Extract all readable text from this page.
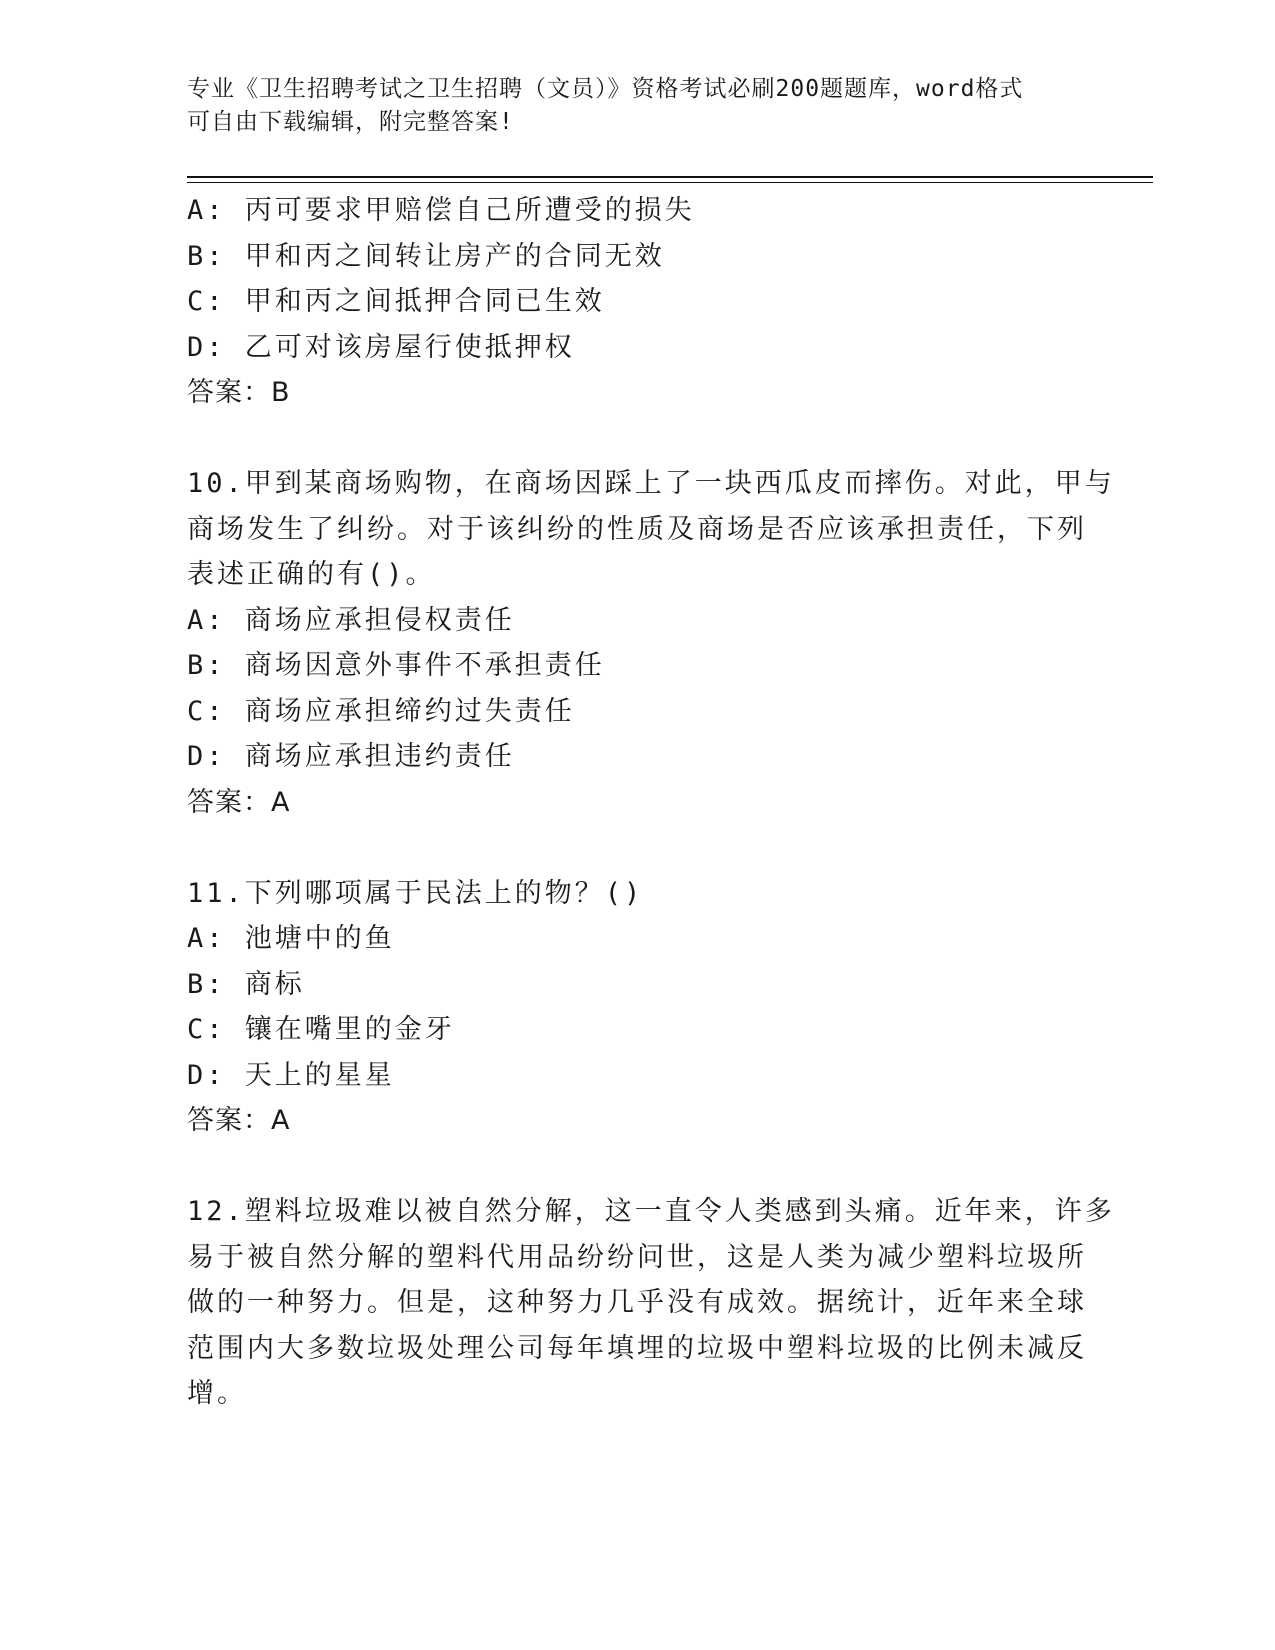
专业《卫生招聘考试之卫生招聘（文员）》资格考试必刷200题题库，word格式
可自由下载编辑，附完整答案!
A: 丙可要求甲赔偿自己所遭受的损失
B: 甲和丙之间转让房产的合同无效
C: 甲和丙之间抵押合同已生效
D: 乙可对该房屋行使抵押权
答案：B
10.甲到某商场购物，在商场因踩上了一块西瓜皮而摔伤。对此，甲与
商场发生了纠纷。对于该纠纷的性质及商场是否应该承担责任，下列
表述正确的有()。
A: 商场应承担侵权责任
B: 商场因意外事件不承担责任
C: 商场应承担缔约过失责任
D: 商场应承担违约责任
答案：A
11.下列哪项属于民法上的物？()
A: 池塘中的鱼
B: 商标
C: 镶在嘴里的金牙
D: 天上的星星
答案：A
12.塑料垃圾难以被自然分解，这一直令人类感到头痛。近年来，许多
易于被自然分解的塑料代用品纷纷问世，这是人类为减少塑料垃圾所
做的一种努力。但是，这种努力几乎没有成效。据统计，近年来全球
范围内大多数垃圾处理公司每年填埋的垃圾中塑料垃圾的比例未减反
增。
